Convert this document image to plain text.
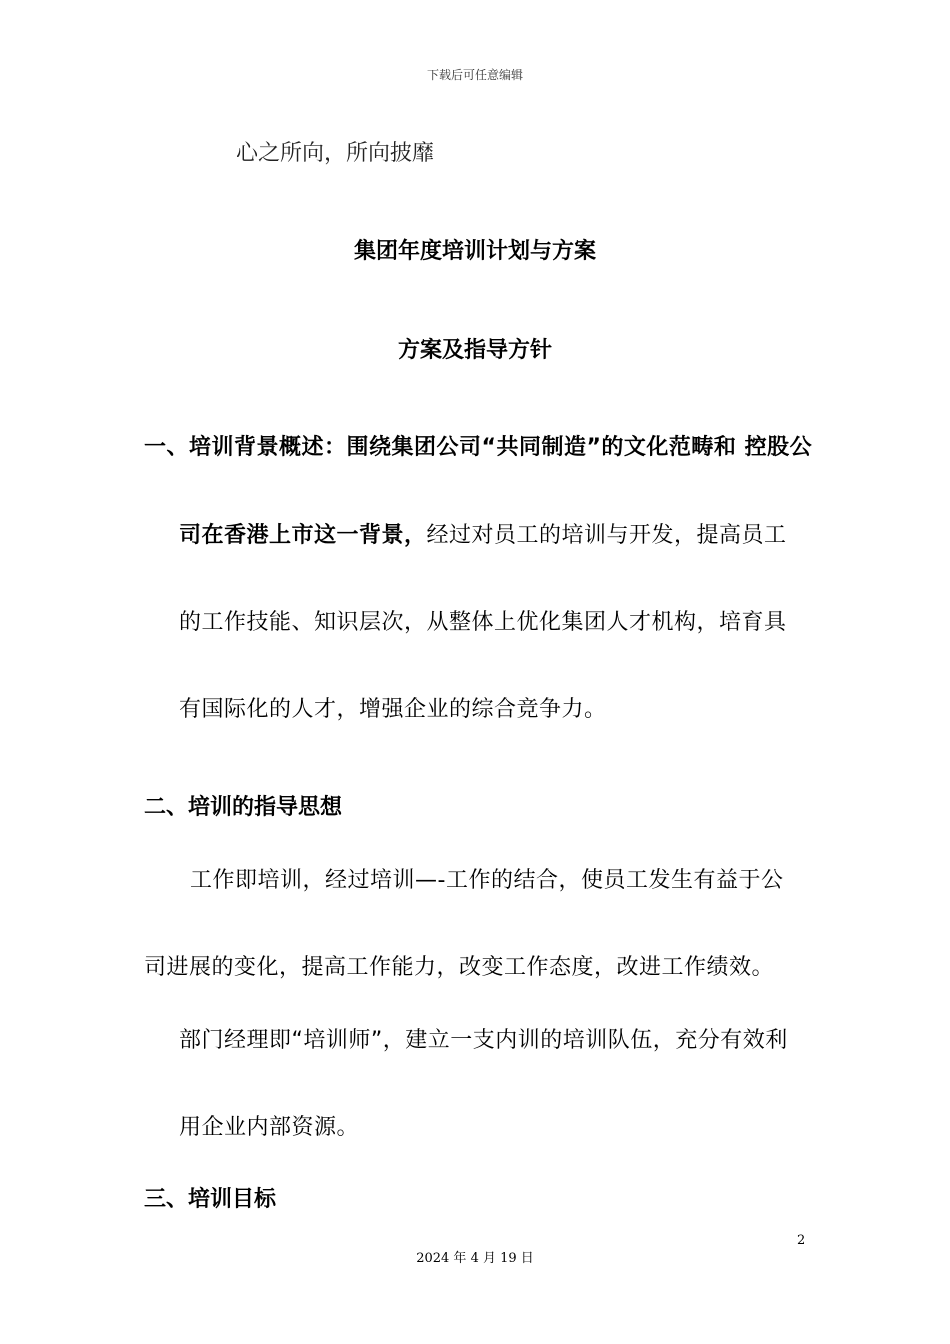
下载后可任意编辑
心之所向，所向披靡
集团年度培训计划与方案
方案及指导方针
一、培训背景概述：围绕集团公司“共同制造”的文化范畴和 控股公
司在香港上市这一背景，经过对员工的培训与开发，提高员工
的工作技能、知识层次，从整体上优化集团人才机构，培育具
有国际化的人才，增强企业的综合竞争力。
二、培训的指导思想
工作即培训，经过培训—-工作的结合，使员工发生有益于公
司进展的变化，提高工作能力，改变工作态度，改进工作绩效。
部门经理即“培训师”，建立一支内训的培训队伍，充分有效利
用企业内部资源。
三、培训目标
2
2024 年 4 月 19 日
